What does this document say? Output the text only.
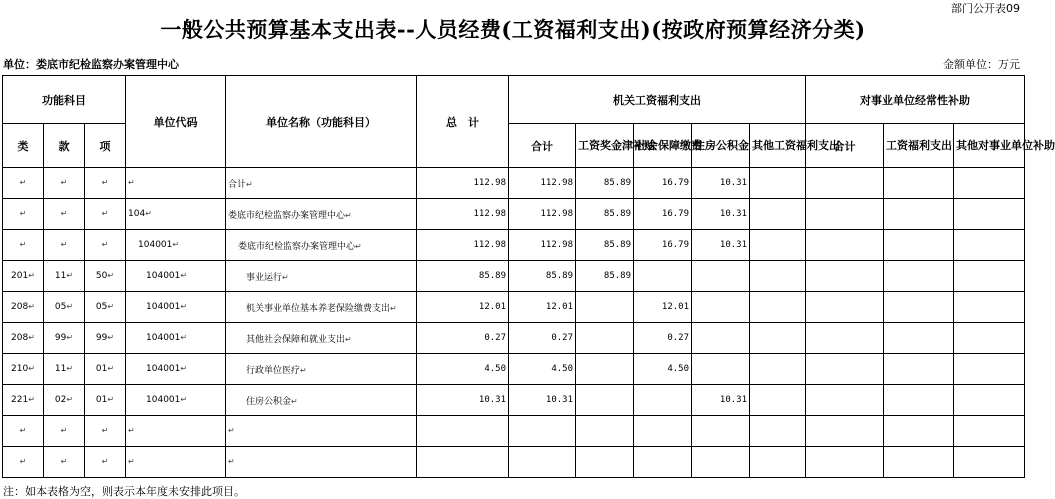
部门公开表09
一般公共预算基本支出表--人员经费(工资福利支出)(按政府预算经济分类)
单位：娄底市纪检监察办案管理中心	金额单位：万元
功能科目			单位代码	单位名称（功能科目）	总　计	机关工资福利支出					对事业单位经常性补助		
类	款	项				合计	工资奖金津补贴	社会保障缴费	住房公积金	其他工资福利支出	合计	工资福利支出	其他对事业单位补助
↵	↵	↵	↵	合计↵	112.98	112.98	85.89	16.79	10.31				
↵	↵	↵	104↵	娄底市纪检监察办案管理中心↵	112.98	112.98	85.89	16.79	10.31				
↵	↵	↵	104001↵	娄底市纪检监察办案管理中心↵	112.98	112.98	85.89	16.79	10.31				
201↵	11↵	50↵	104001↵	事业运行↵	85.89	85.89	85.89						
208↵	05↵	05↵	104001↵	机关事业单位基本养老保险缴费支出↵	12.01	12.01		12.01					
208↵	99↵	99↵	104001↵	其他社会保障和就业支出↵	0.27	0.27		0.27					
210↵	11↵	01↵	104001↵	行政单位医疗↵	4.50	4.50		4.50					
221↵	02↵	01↵	104001↵	住房公积金↵	10.31	10.31			10.31				
↵	↵	↵	↵	↵									
↵	↵	↵	↵	↵									
注：如本表格为空，则表示本年度未安排此项目。
